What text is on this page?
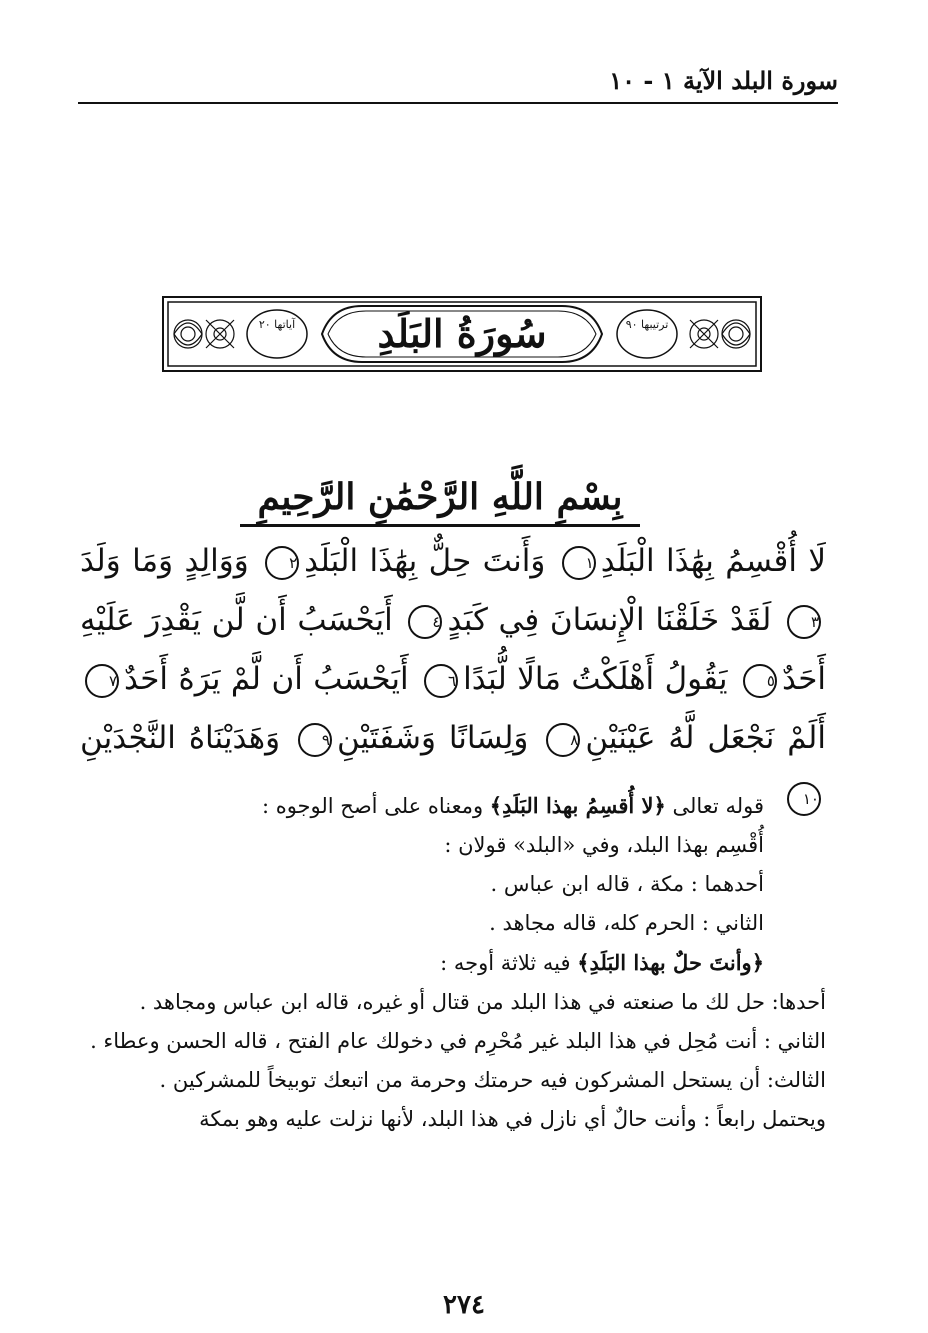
سورة البلد الآية ١ - ١٠
آياتها ٢٠	ترتيبها ٩٠
سُورَةُ البَلَدِ
بِسْمِ اللَّهِ الرَّحْمَٰنِ الرَّحِيمِ
لَا أُقْسِمُ بِهَٰذَا الْبَلَدِ١ وَأَنتَ حِلٌّ بِهَٰذَا الْبَلَدِ٢ وَوَالِدٍ وَمَا وَلَدَ٣ لَقَدْ خَلَقْنَا الْإِنسَانَ فِي كَبَدٍ٤ أَيَحْسَبُ أَن لَّن يَقْدِرَ عَلَيْهِ أَحَدٌ٥ يَقُولُ أَهْلَكْتُ مَالًا لُّبَدًا٦ أَيَحْسَبُ أَن لَّمْ يَرَهُ أَحَدٌ٧ أَلَمْ نَجْعَل لَّهُ عَيْنَيْنِ٨ وَلِسَانًا وَشَفَتَيْنِ٩ وَهَدَيْنَاهُ النَّجْدَيْنِ١٠

قوله تعالى ﴿لا أُقسِمُ بهذا البَلَدِ﴾ ومعناه على أصح الوجوه :

أُقْسِم بهذا البلد، وفي «البلد» قولان :

أحدهما : مكة ، قاله ابن عباس .

الثاني : الحرم كله، قاله مجاهد .

﴿وأنتَ حلٌ بهذا البَلَدِ﴾ فيه ثلاثة أوجه :

أحدها: حل لك ما صنعته في هذا البلد من قتال أو غيره، قاله ابن عباس ومجاهد .

الثاني : أنت مُحِل في هذا البلد غير مُحْرِم في دخولك عام الفتح ، قاله الحسن وعطاء .

الثالث: أن يستحل المشركون فيه حرمتك وحرمة من اتبعك توبيخاً للمشركين .

ويحتمل رابعاً : وأنت حالٌ أي نازل في هذا البلد، لأنها نزلت عليه وهو بمكة

٢٧٤
